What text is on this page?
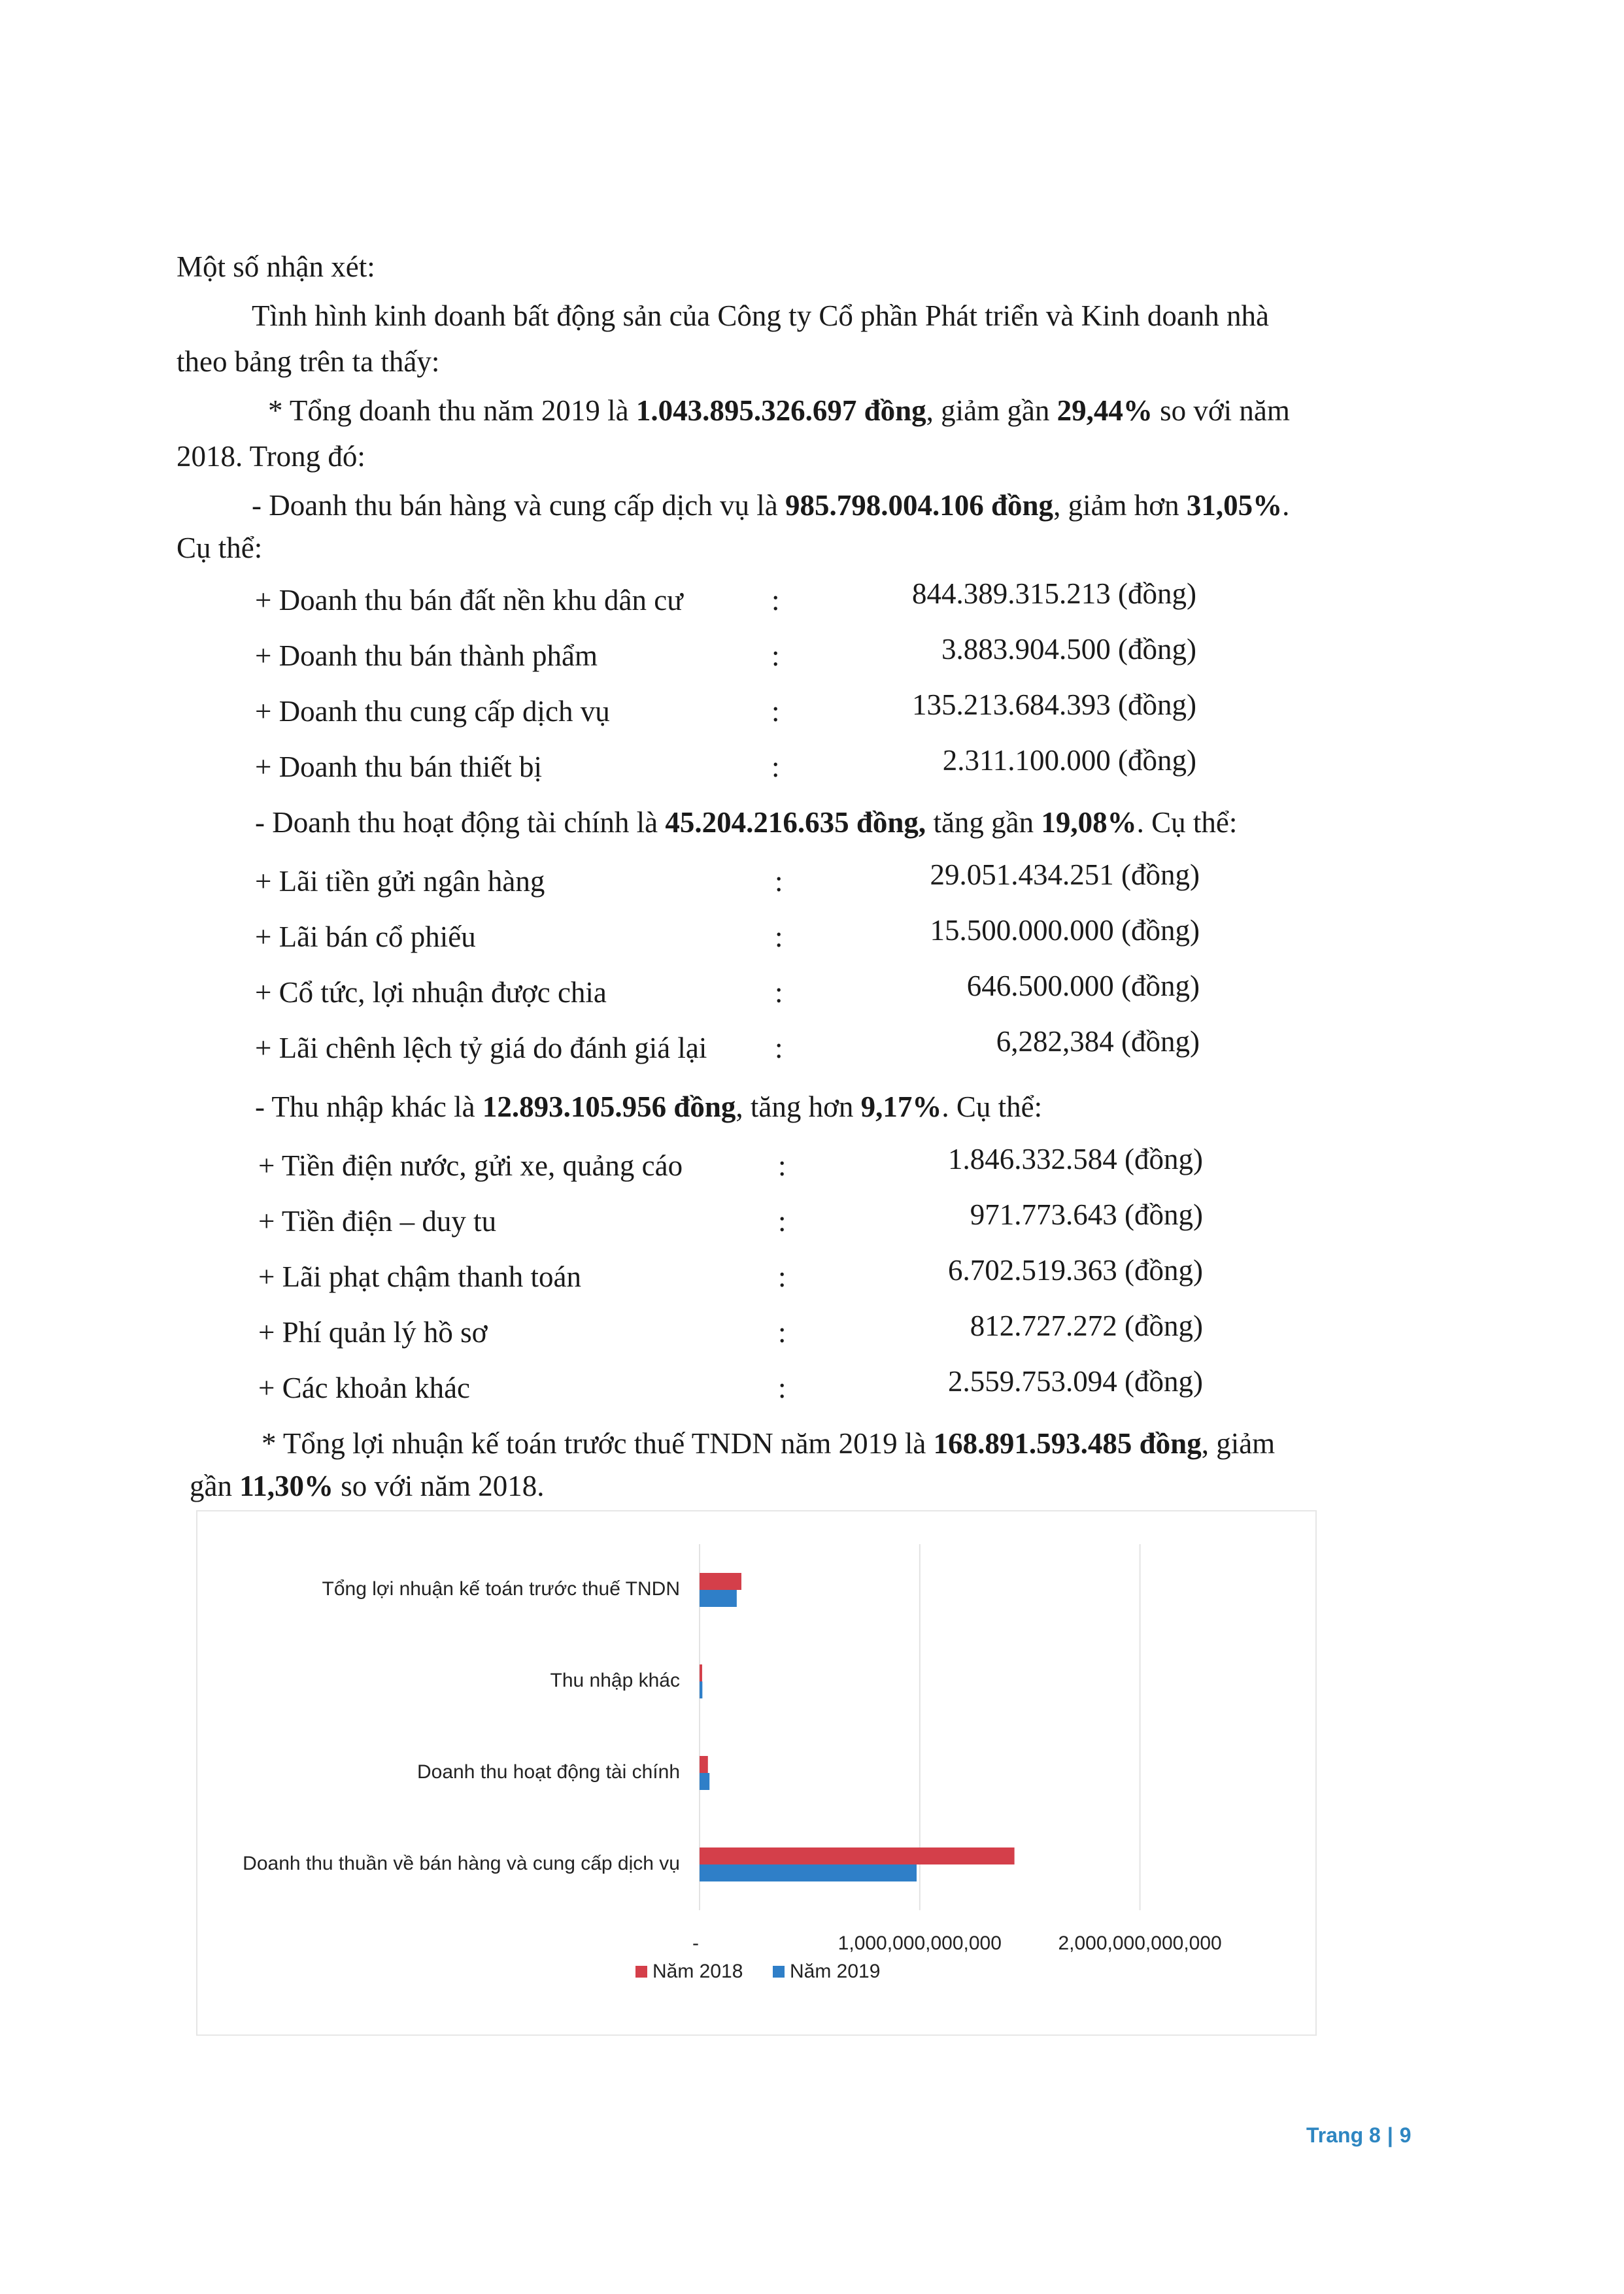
Một số nhận xét:
Tình hình kinh doanh bất động sản của Công ty Cổ phần Phát triển và Kinh doanh nhà
theo bảng trên ta thấy:
* Tổng doanh thu năm 2019 là 1.043.895.326.697 đồng, giảm gần 29,44% so với năm
2018. Trong đó:
- Doanh thu bán hàng và cung cấp dịch vụ là 985.798.004.106 đồng, giảm hơn 31,05%.
Cụ thể:
+ Doanh thu bán đất nền khu dân cư	:	844.389.315.213 (đồng)
+ Doanh thu bán thành phẩm	:	3.883.904.500 (đồng)
+ Doanh thu cung cấp dịch vụ	:	135.213.684.393 (đồng)
+ Doanh thu bán thiết bị	:	2.311.100.000 (đồng)
- Doanh thu hoạt động tài chính là 45.204.216.635 đồng, tăng gần 19,08%. Cụ thể:
+ Lãi tiền gửi ngân hàng	:	29.051.434.251 (đồng)
+ Lãi bán cổ phiếu	:	15.500.000.000 (đồng)
+ Cổ tức, lợi nhuận được chia	:	646.500.000 (đồng)
+ Lãi chênh lệch tỷ giá do đánh giá lại :	6,282,384 (đồng)
- Thu nhập khác là 12.893.105.956 đồng, tăng hơn 9,17%. Cụ thể:
+ Tiền điện nước, gửi xe, quảng cáo	:	1.846.332.584 (đồng)
+ Tiền điện – duy tu	:	971.773.643 (đồng)
+ Lãi phạt chậm thanh toán	:	6.702.519.363 (đồng)
+ Phí quản lý hồ sơ	:	812.727.272 (đồng)
+ Các khoản khác	:	2.559.753.094 (đồng)
* Tổng lợi nhuận kế toán trước thuế TNDN năm 2019 là 168.891.593.485 đồng, giảm
gần 11,30% so với năm 2018.
-	1,000,000,000,000	2,000,000,000,000
Tổng lợi nhuận kế toán trước thuế TNDN
Thu nhập khác
Doanh thu hoạt động tài chính
Doanh thu thuần về bán hàng và cung cấp dịch vụ
Năm 2018 Năm 2019
Trang 8 | 9
